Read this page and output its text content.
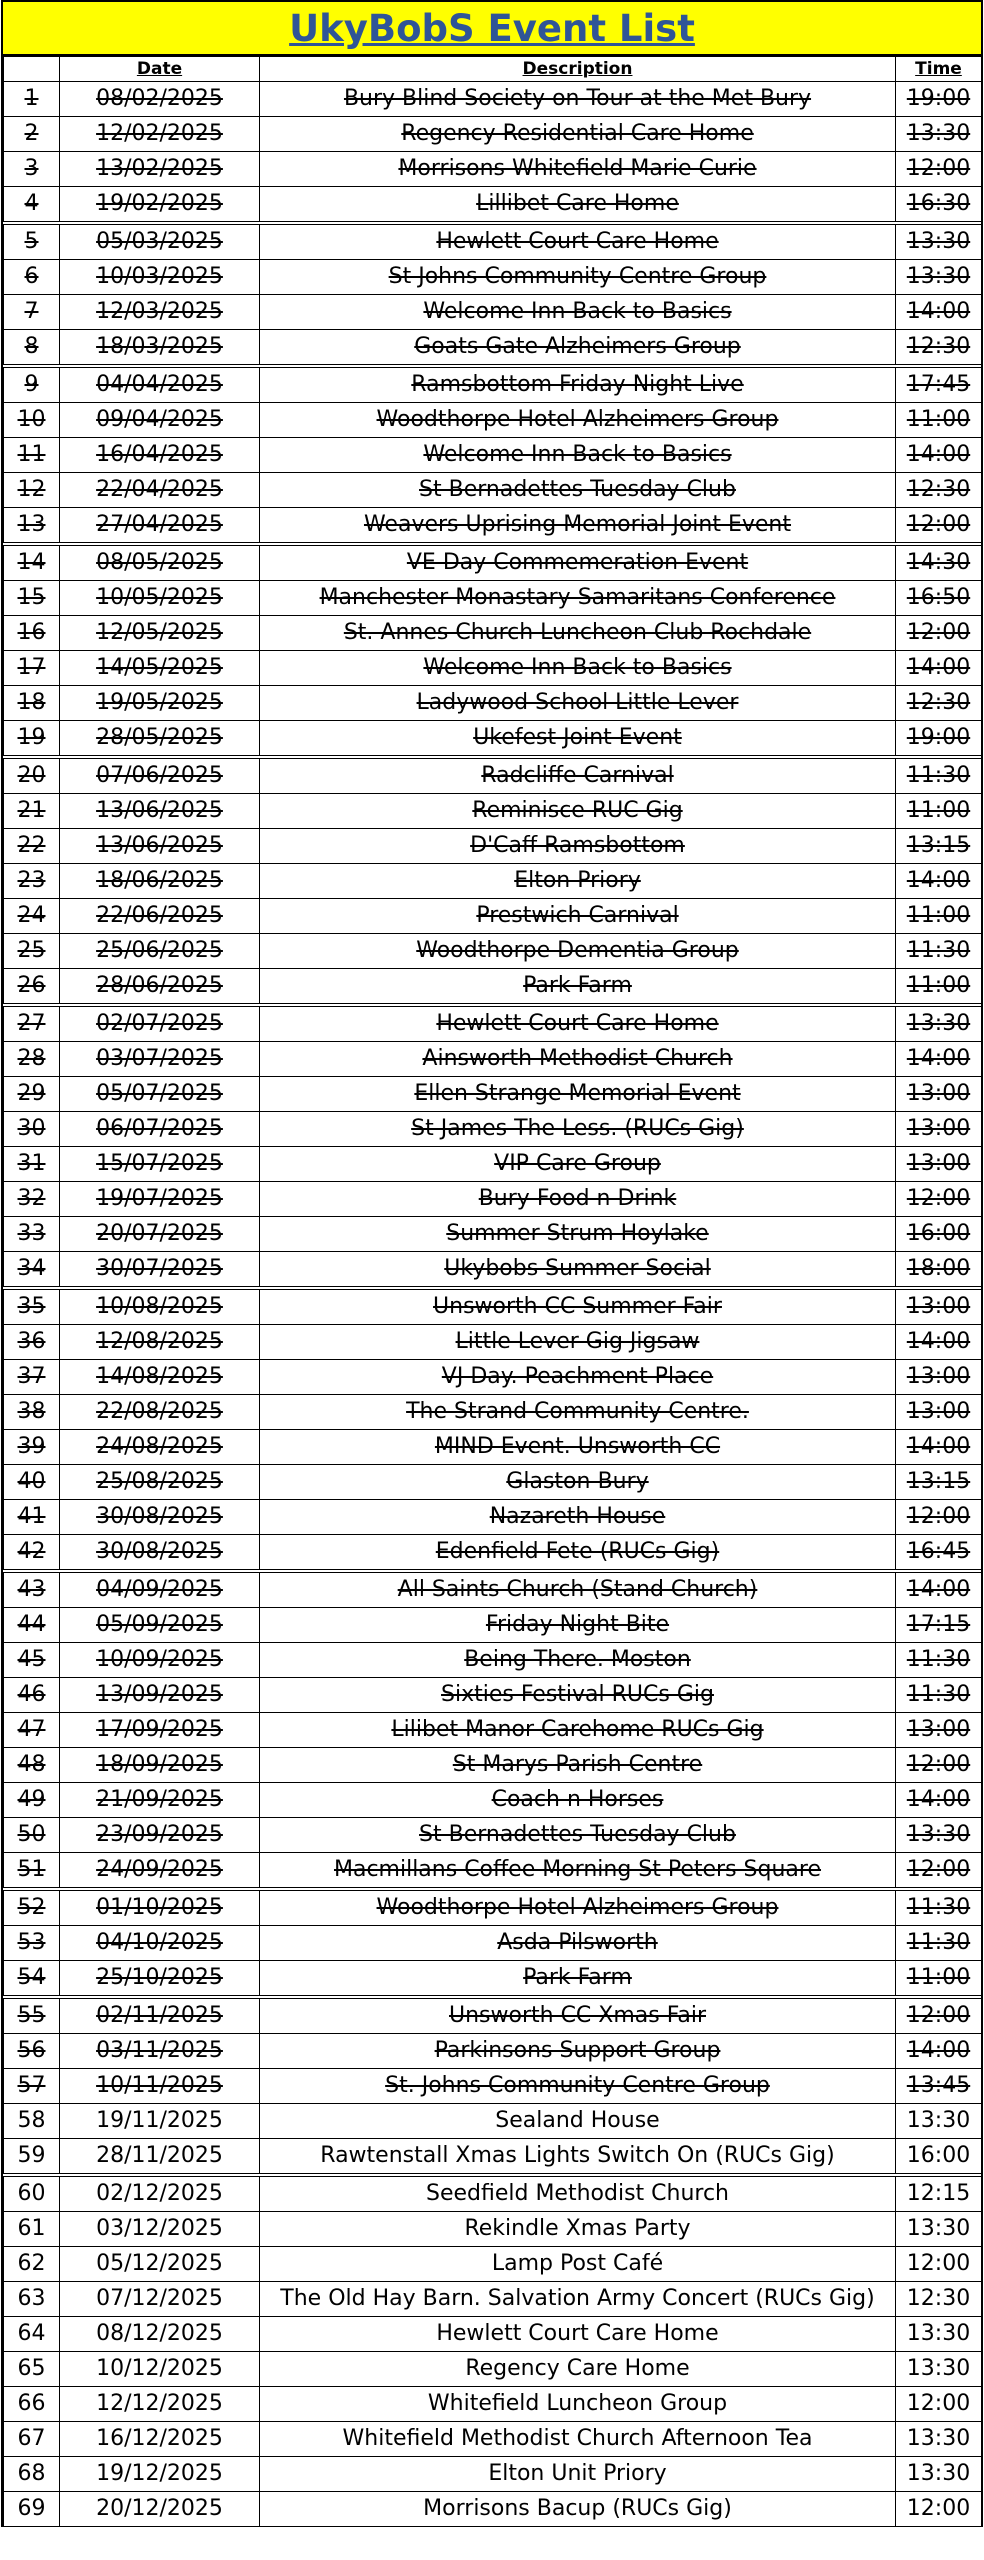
UkyBobS Event List
	Date	Description	Time
1	08/02/2025	Bury Blind Society on Tour at the Met Bury	19:00
2	12/02/2025	Regency Residential Care Home	13:30
3	13/02/2025	Morrisons Whitefield Marie Curie	12:00
4	19/02/2025	Lillibet Care Home	16:30
5	05/03/2025	Hewlett Court Care Home	13:30
6	10/03/2025	St Johns Community Centre Group	13:30
7	12/03/2025	Welcome Inn Back to Basics	14:00
8	18/03/2025	Goats Gate Alzheimers Group	12:30
9	04/04/2025	Ramsbottom Friday Night Live	17:45
10	09/04/2025	Woodthorpe Hotel Alzheimers Group	11:00
11	16/04/2025	Welcome Inn Back to Basics	14:00
12	22/04/2025	St Bernadettes Tuesday Club	12:30
13	27/04/2025	Weavers Uprising Memorial Joint Event	12:00
14	08/05/2025	VE Day Commemeration Event	14:30
15	10/05/2025	Manchester Monastary Samaritans Conference	16:50
16	12/05/2025	St. Annes Church Luncheon Club Rochdale	12:00
17	14/05/2025	Welcome Inn Back to Basics	14:00
18	19/05/2025	Ladywood School Little Lever	12:30
19	28/05/2025	Ukefest Joint Event	19:00
20	07/06/2025	Radcliffe Carnival	11:30
21	13/06/2025	Reminisce RUC Gig	11:00
22	13/06/2025	D'Caff Ramsbottom	13:15
23	18/06/2025	Elton Priory	14:00
24	22/06/2025	Prestwich Carnival	11:00
25	25/06/2025	Woodthorpe Dementia Group	11:30
26	28/06/2025	Park Farm	11:00
27	02/07/2025	Hewlett Court Care Home	13:30
28	03/07/2025	Ainsworth Methodist Church	14:00
29	05/07/2025	Ellen Strange Memorial Event	13:00
30	06/07/2025	St James The Less. (RUCs Gig)	13:00
31	15/07/2025	VIP Care Group	13:00
32	19/07/2025	Bury Food n Drink	12:00
33	20/07/2025	Summer Strum Hoylake	16:00
34	30/07/2025	Ukybobs Summer Social	18:00
35	10/08/2025	Unsworth CC Summer Fair	13:00
36	12/08/2025	Little Lever Gig Jigsaw	14:00
37	14/08/2025	VJ Day. Peachment Place	13:00
38	22/08/2025	The Strand Community Centre.	13:00
39	24/08/2025	MIND Event. Unsworth CC	14:00
40	25/08/2025	Glaston-Bury	13:15
41	30/08/2025	Nazareth House	12:00
42	30/08/2025	Edenfield Fete (RUCs Gig)	16:45
43	04/09/2025	All Saints Church (Stand Church)	14:00
44	05/09/2025	Friday Night Bite	17:15
45	10/09/2025	Being There. Moston	11:30
46	13/09/2025	Sixties Festival RUCs Gig	11:30
47	17/09/2025	Lilibet Manor Carehome RUCs Gig	13:00
48	18/09/2025	St Marys Parish Centre	12:00
49	21/09/2025	Coach n Horses	14:00
50	23/09/2025	St Bernadettes Tuesday Club	13:30
51	24/09/2025	Macmillans Coffee Morning St Peters Square	12:00
52	01/10/2025	Woodthorpe Hotel Alzheimers Group	11:30
53	04/10/2025	Asda Pilsworth	11:30
54	25/10/2025	Park Farm	11:00
55	02/11/2025	Unsworth CC Xmas Fair	12:00
56	03/11/2025	Parkinsons Support Group	14:00
57	10/11/2025	St. Johns Community Centre Group	13:45
58	19/11/2025	Sealand House	13:30
59	28/11/2025	Rawtenstall Xmas Lights Switch On (RUCs Gig)	16:00
60	02/12/2025	Seedfield Methodist Church	12:15
61	03/12/2025	Rekindle Xmas Party	13:30
62	05/12/2025	Lamp Post Café	12:00
63	07/12/2025	The Old Hay Barn. Salvation Army Concert (RUCs Gig)	12:30
64	08/12/2025	Hewlett Court Care Home	13:30
65	10/12/2025	Regency Care Home	13:30
66	12/12/2025	Whitefield Luncheon Group	12:00
67	16/12/2025	Whitefield Methodist Church Afternoon Tea	13:30
68	19/12/2025	Elton Unit Priory	13:30
69	20/12/2025	Morrisons Bacup (RUCs Gig)	12:00
